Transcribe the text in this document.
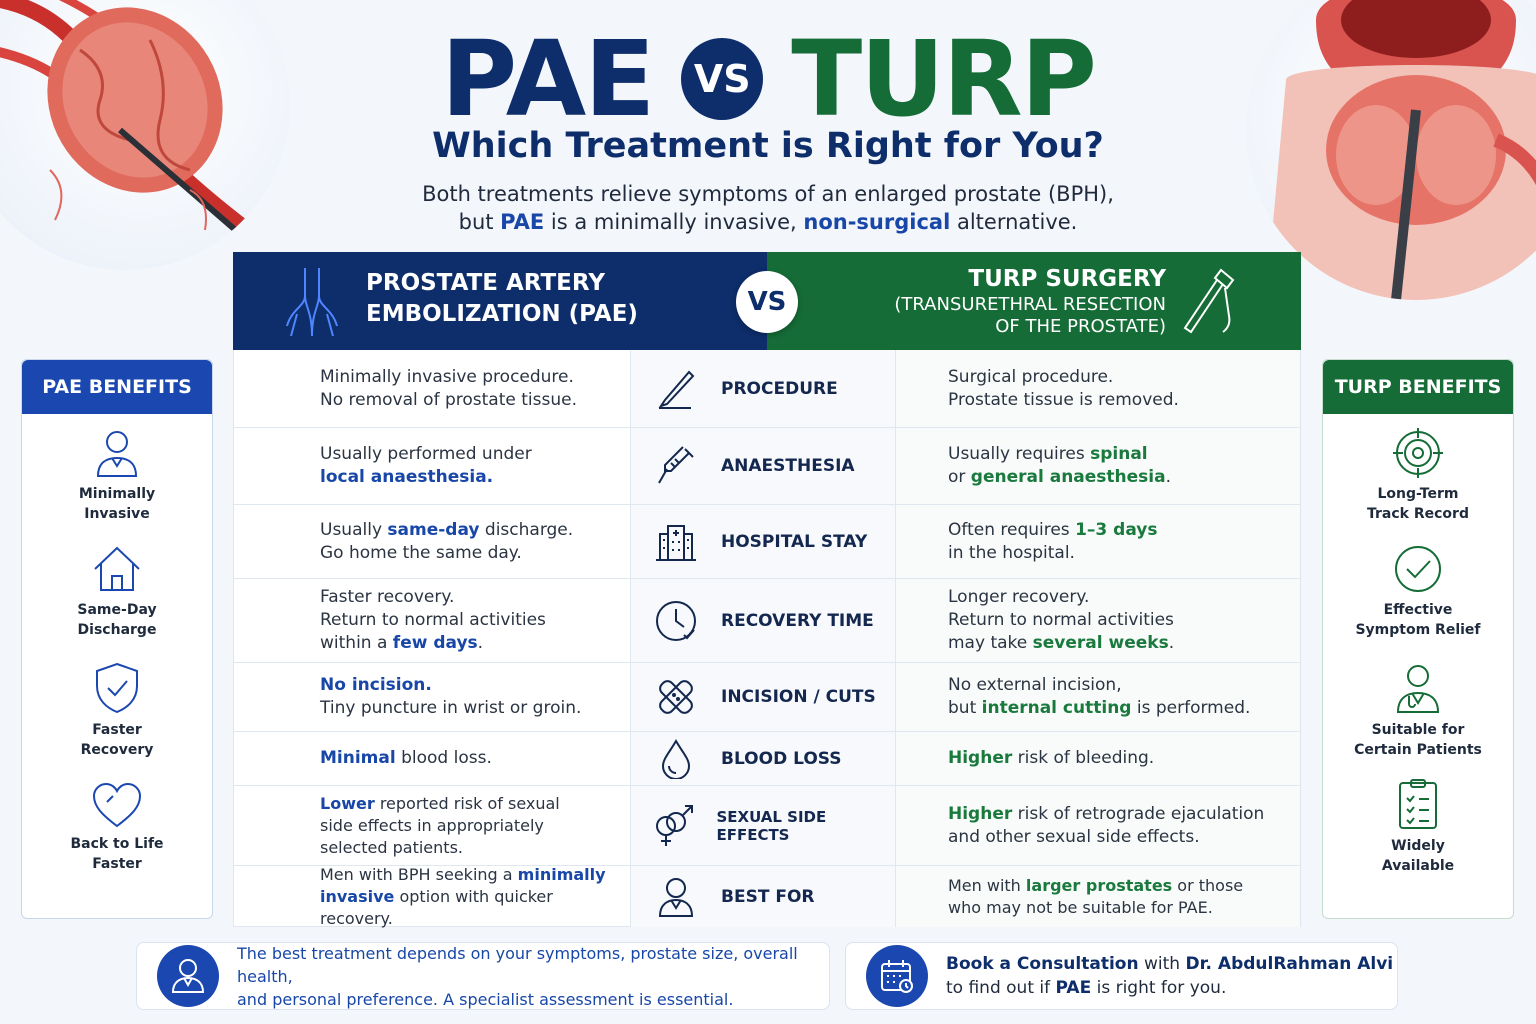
PAE VS TURP
Which Treatment is Right for You?
Both treatments relieve symptoms of an enlarged prostate (BPH),
but PAE is a minimally invasive, non-surgical alternative.
PROSTATE ARTERY
EMBOLIZATION (PAE)
TURP SURGERY
(TRANSURETHRAL RESECTION
OF THE PROSTATE)
VS
Minimally invasive procedure.
No removal of prostate tissue.
PROCEDURE
Surgical procedure.
Prostate tissue is removed.
Usually performed under
local anaesthesia.
ANAESTHESIA
Usually requires spinal
or general anaesthesia.
Usually same-day discharge.
Go home the same day.
HOSPITAL STAY
Often requires 1–3 days
in the hospital.
Faster recovery.
Return to normal activities
within a few days.
RECOVERY TIME
Longer recovery.
Return to normal activities
may take several weeks.
No incision.
Tiny puncture in wrist or groin.
INCISION / CUTS
No external incision,
but internal cutting is performed.
Minimal blood loss.	BLOOD LOSS	Higher risk of bleeding.
Lower reported risk of sexual
side effects in appropriately
selected patients.
SEXUAL SIDE EFFECTS
Higher risk of retrograde ejaculation
and other sexual side effects.
Men with BPH seeking a minimally
invasive option with quicker recovery.
BEST FOR
Men with larger prostates or those
who may not be suitable for PAE.
PAE BENEFITS
Minimally
Invasive
Same-Day
Discharge
Faster
Recovery
Back to Life
Faster
TURP BENEFITS
Long-Term
Track Record
Effective
Symptom Relief
Suitable for
Certain Patients
Widely
Available
The best treatment depends on your symptoms, prostate size, overall health,
and personal preference. A specialist assessment is essential.
Book a Consultation with Dr. AbdulRahman Alvi
to find out if PAE is right for you.
